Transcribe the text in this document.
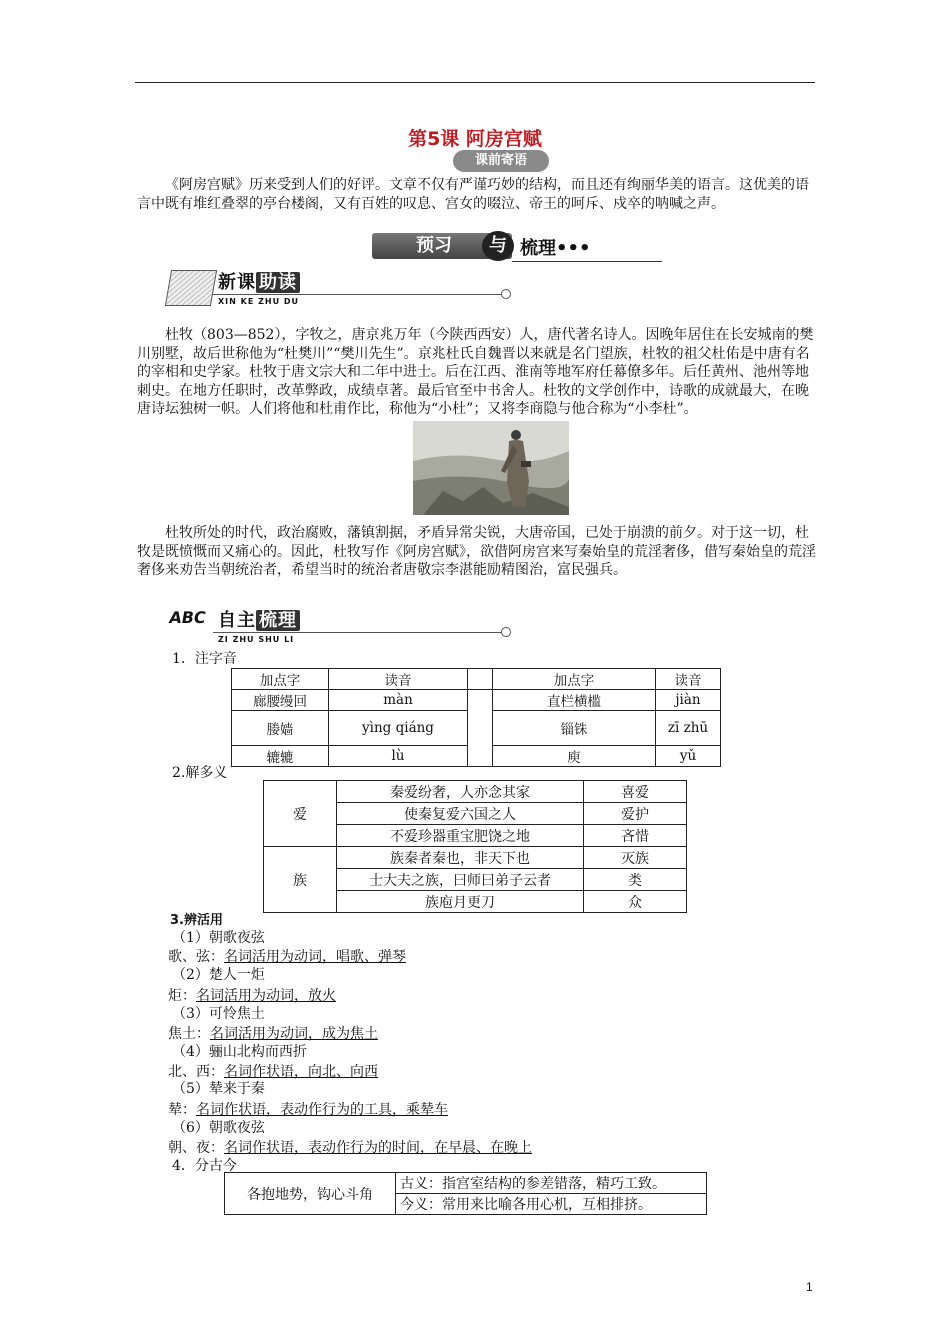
第5课 阿房宫赋
课前寄语

《阿房宫赋》历来受到人们的好评。文章不仅有严谨巧妙的结构，而且还有绚丽华美的语言。这优美的语言中既有堆红叠翠的亭台楼阁，又有百姓的叹息、宫女的啜泣、帝王的呵斥、戍卒的呐喊之声。

预习	与 梳理•••
新课 助读
XIN KE ZHU DU

杜牧（803—852），字牧之，唐京兆万年（今陕西西安）人，唐代著名诗人。因晚年居住在长安城南的樊川别墅，故后世称他为“杜樊川”“樊川先生”。京兆杜氏自魏晋以来就是名门望族，杜牧的祖父杜佑是中唐有名的宰相和史学家。杜牧于唐文宗大和二年中进士。后在江西、淮南等地军府任幕僚多年。后任黄州、池州等地刺史。在地方任职时，改革弊政，成绩卓著。最后官至中书舍人。杜牧的文学创作中，诗歌的成就最大，在晚唐诗坛独树一帜。人们将他和杜甫作比，称他为“小杜”；又将李商隐与他合称为“小李杜”。

杜牧所处的时代，政治腐败，藩镇割据，矛盾异常尖锐，大唐帝国，已处于崩溃的前夕。对于这一切，杜牧是既愤慨而又痛心的。因此，杜牧写作《阿房宫赋》，欲借阿房宫来写秦始皇的荒淫奢侈，借写秦始皇的荒淫奢侈来劝告当朝统治者，希望当时的统治者唐敬宗李湛能励精图治，富民强兵。

ABC 自主 梳理
ZI ZHU SHU LI
1．注字音
加点字	读音		加点字	读音
廊腰缦回	màn		直栏横槛	jiàn
媵嫱	yìng qiáng		锱铢	zī zhū
辘辘	lù		庾	yǔ
2.解多义
爱	秦爱纷奢，人亦念其家	喜爱
	使秦复爱六国之人	爱护
	不爱珍器重宝肥饶之地	吝惜
族	族秦者秦也，非天下也	灭族
	士大夫之族，曰师曰弟子云者	类
	族庖月更刀	众
3.辨活用
（1）朝歌夜弦
歌、弦：名词活用为动词，唱歌、弹琴
（2）楚人一炬
炬：名词活用为动词，放火
（3）可怜焦土
焦土：名词活用为动词，成为焦土
（4）骊山北构而西折
北、西：名词作状语，向北、向西
（5）辇来于秦
辇：名词作状语，表动作行为的工具，乘辇车
（6）朝歌夜弦
朝、夜：名词作状语，表动作行为的时间，在早晨、在晚上
4．分古今
各抱地势，钩心斗角	古义：指宫室结构的参差错落，精巧工致。
今义：常用来比喻各用心机，互相排挤。
1
